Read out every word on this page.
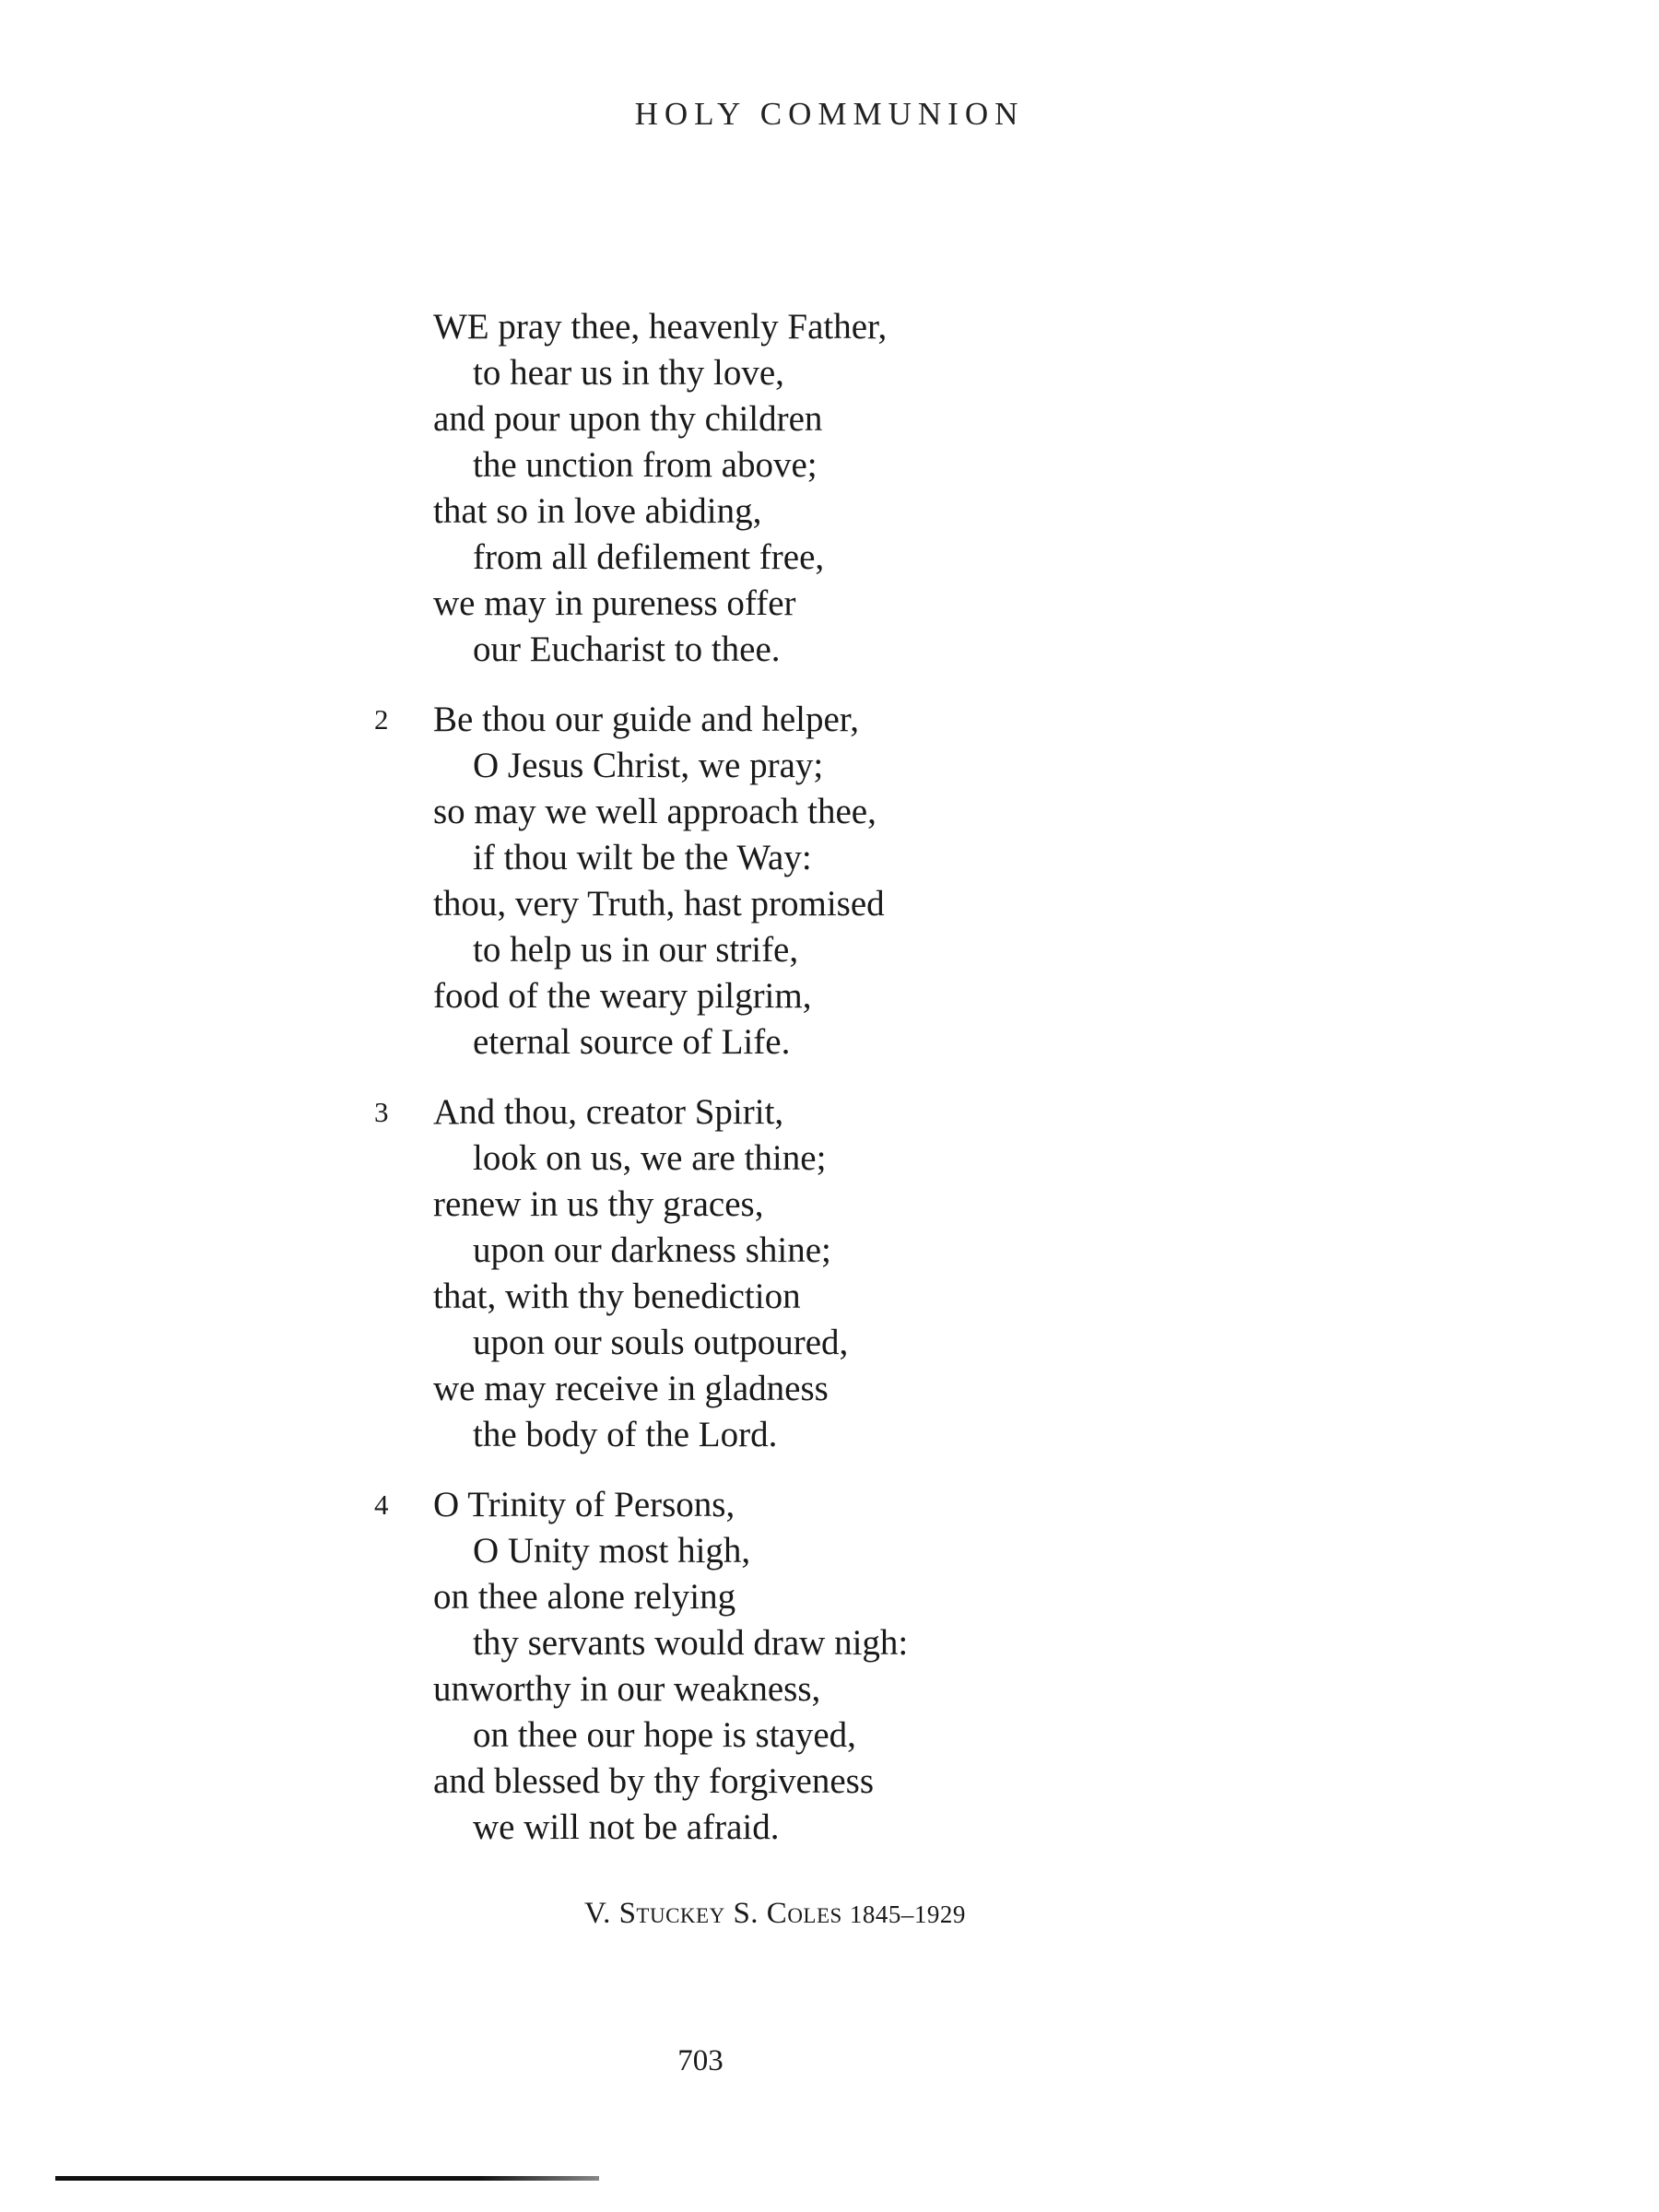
HOLY COMMUNION
WE pray thee, heavenly Father,
to hear us in thy love,
and pour upon thy children
the unction from above;
that so in love abiding,
from all defilement free,
we may in pureness offer
our Eucharist to thee.
2 Be thou our guide and helper,
O Jesus Christ, we pray;
so may we well approach thee,
if thou wilt be the Way:
thou, very Truth, hast promised
to help us in our strife,
food of the weary pilgrim,
eternal source of Life.
3 And thou, creator Spirit,
look on us, we are thine;
renew in us thy graces,
upon our darkness shine;
that, with thy benediction
upon our souls outpoured,
we may receive in gladness
the body of the Lord.
4 O Trinity of Persons,
O Unity most high,
on thee alone relying
thy servants would draw nigh:
unworthy in our weakness,
on thee our hope is stayed,
and blessed by thy forgiveness
we will not be afraid.
V. Stuckey S. Coles 1845–1929
703
